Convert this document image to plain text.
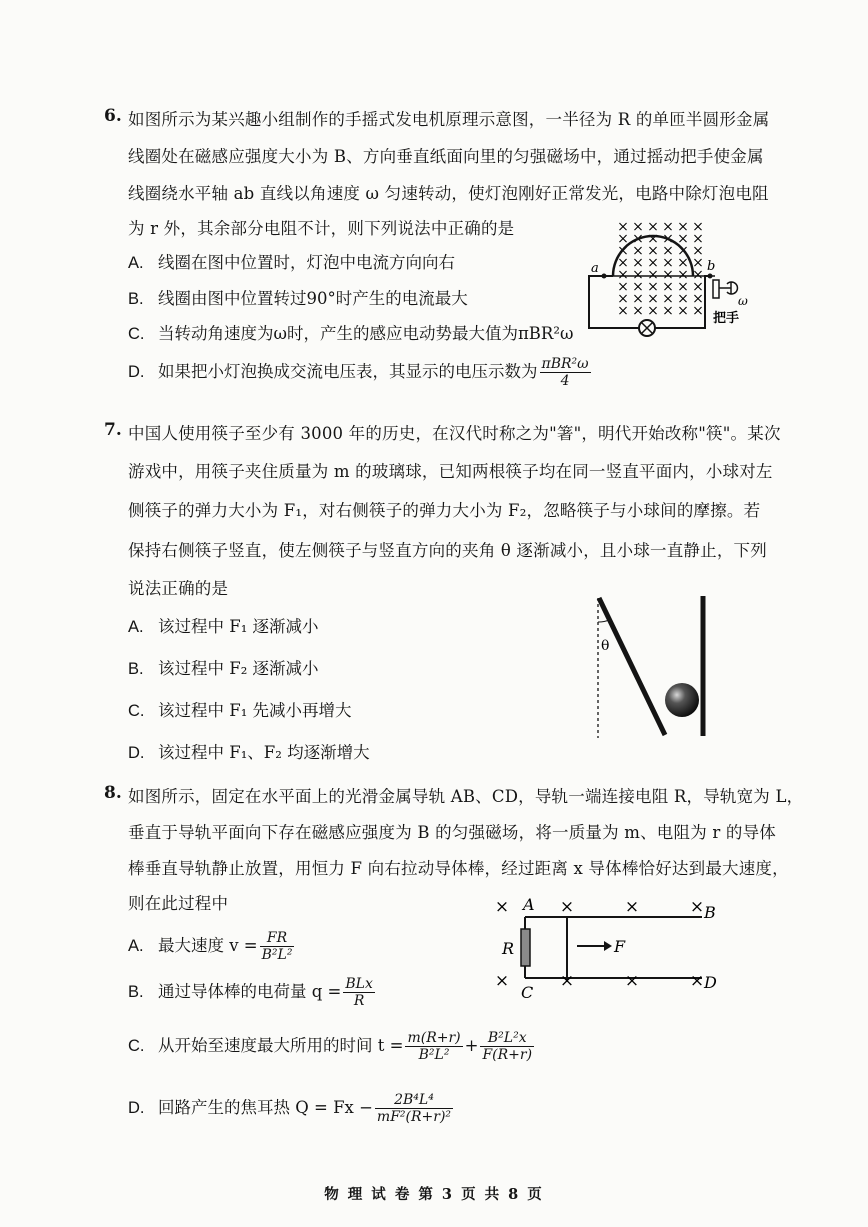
6. 如图所示为某兴趣小组制作的手摇式发电机原理示意图，一半径为 R 的单匝半圆形金属
线圈处在磁感应强度大小为 B、方向垂直纸面向里的匀强磁场中，通过摇动把手使金属
线圈绕水平轴 ab 直线以角速度 ω 匀速转动，使灯泡刚好正常发光，电路中除灯泡电阻
为 r 外，其余部分电阻不计，则下列说法中正确的是
A. 线圈在图中位置时，灯泡中电流方向向右
B. 线圈由图中位置转过90°时产生的电流最大
C. 当转动角速度为ω时，产生的感应电动势最大值为πBR²ω
D. 如果把小灯泡换成交流电压表，其显示的电压示数为 $\frac{\text{πBR²ω}}{4}$
× × × × × ×
× × × × × ×
× × × × × ×
× × × × × ×
× × × × × ×
× × × × × ×
× × × × × ×
× × × × × ×
a	b
ω
把手
7. 中国人使用筷子至少有 3000 年的历史，在汉代时称之为"箸"，明代开始改称"筷"。某次
游戏中，用筷子夹住质量为 m 的玻璃球，已知两根筷子均在同一竖直平面内，小球对左
侧筷子的弹力大小为 F₁，对右侧筷子的弹力大小为 F₂，忽略筷子与小球间的摩擦。若
保持右侧筷子竖直，使左侧筷子与竖直方向的夹角 θ 逐渐减小，且小球一直静止，下列
说法正确的是
A. 该过程中 F₁ 逐渐减小
B. 该过程中 F₂ 逐渐减小
C. 该过程中 F₁ 先减小再增大
D. 该过程中 F₁、F₂ 均逐渐增大
θ
8. 如图所示，固定在水平面上的光滑金属导轨 AB、CD，导轨一端连接电阻 R，导轨宽为 L，
垂直于导轨平面向下存在磁感应强度为 B 的匀强磁场，将一质量为 m、电阻为 r 的导体
棒垂直导轨静止放置，用恒力 F 向右拉动导体棒，经过距离 x 导体棒恰好达到最大速度，
则在此过程中
A. 最大速度 $v = \frac{FR}{\text{B²L²}}$
B. 通过导体棒的电荷量 $q = \frac{\text{BLx}}{R}$
C. 从开始至速度最大所用的时间 $t = \frac{m(R+r)}{\text{B²L²}} + \frac{\text{B²L²x}}{F(R+r)}$
D. 回路产生的焦耳热 $Q = Fx - \frac{\text{2B⁴L⁴}}{\text{mF²(R+r)²}}$
×	×	×	×
×	×	×	×
A	B
C
D
R	F
物 理 试 卷 第 3 页 共 8 页
